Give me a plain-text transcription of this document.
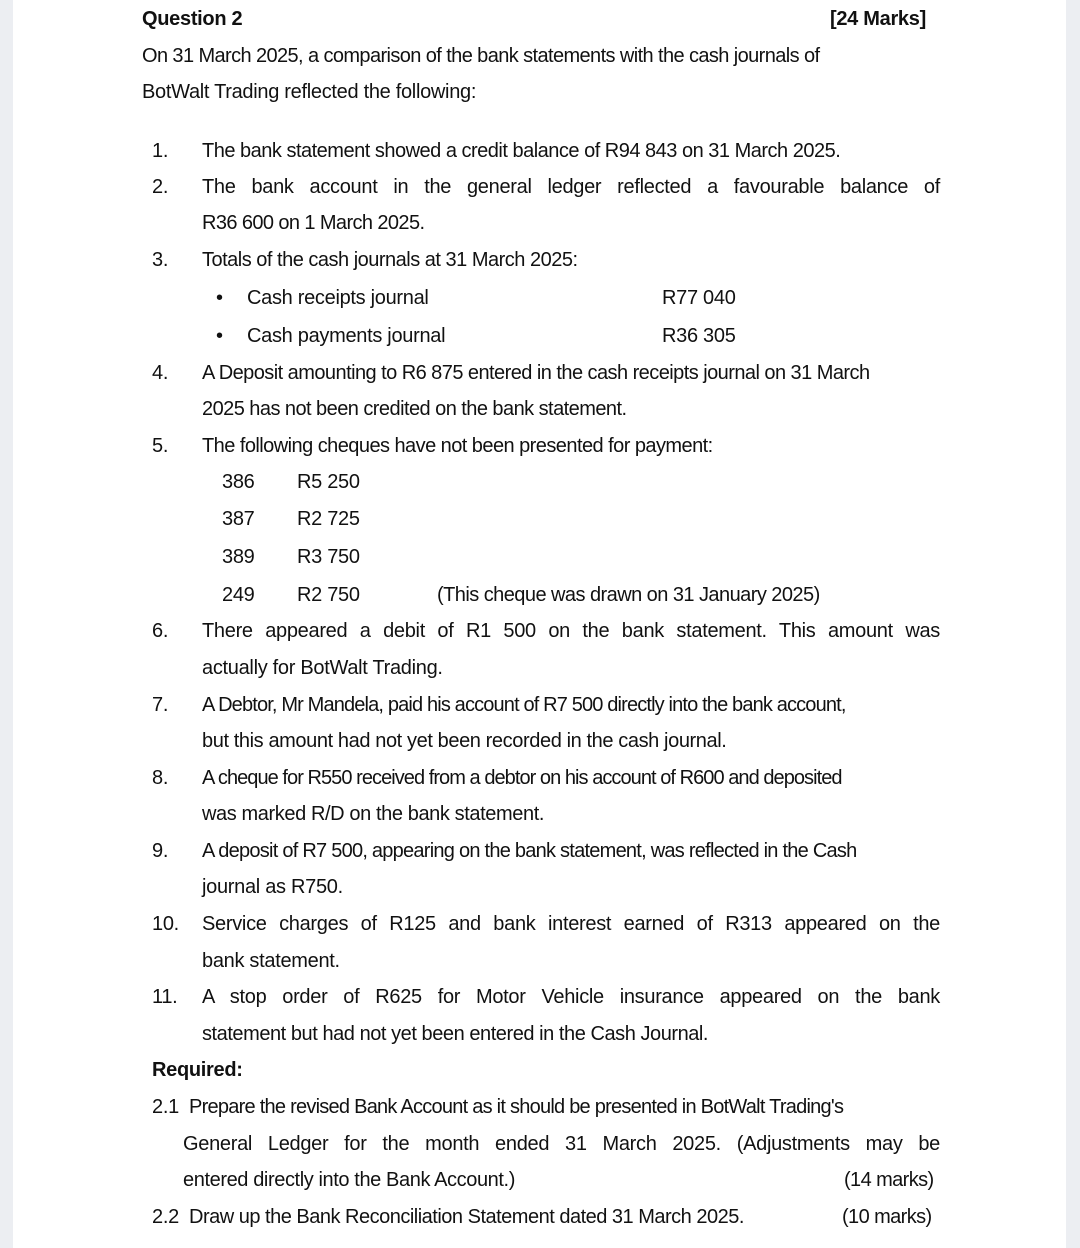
Question 2	[24 Marks]
On 31 March 2025, a comparison of the bank statements with the cash journals of
BotWalt Trading reflected the following:
1. The bank statement showed a credit balance of R94 843 on 31 March 2025.
2. The bank account in the general ledger reflected a favourable balance of
R36 600 on 1 March 2025.
3. Totals of the cash journals at 31 March 2025:
• Cash receipts journal	R77 040
• Cash payments journal	R36 305
4. A Deposit amounting to R6 875 entered in the cash receipts journal on 31 March
2025 has not been credited on the bank statement.
5. The following cheques have not been presented for payment:
386 R5 250
387 R2 725
389 R3 750
249 R2 750	(This cheque was drawn on 31 January 2025)
6. There appeared a debit of R1 500 on the bank statement. This amount was
actually for BotWalt Trading.
7. A Debtor, Mr Mandela, paid his account of R7 500 directly into the bank account,
but this amount had not yet been recorded in the cash journal.
8. A cheque for R550 received from a debtor on his account of R600 and deposited
was marked R/D on the bank statement.
9. A deposit of R7 500, appearing on the bank statement, was reflected in the Cash
journal as R750.
10. Service charges of R125 and bank interest earned of R313 appeared on the
bank statement.
11. A stop order of R625 for Motor Vehicle insurance appeared on the bank
statement but had not yet been entered in the Cash Journal.
Required:
2.1 Prepare the revised Bank Account as it should be presented in BotWalt Trading's
General Ledger for the month ended 31 March 2025. (Adjustments may be
entered directly into the Bank Account.)	(14 marks)
2.2 Draw up the Bank Reconciliation Statement dated 31 March 2025.	(10 marks)
